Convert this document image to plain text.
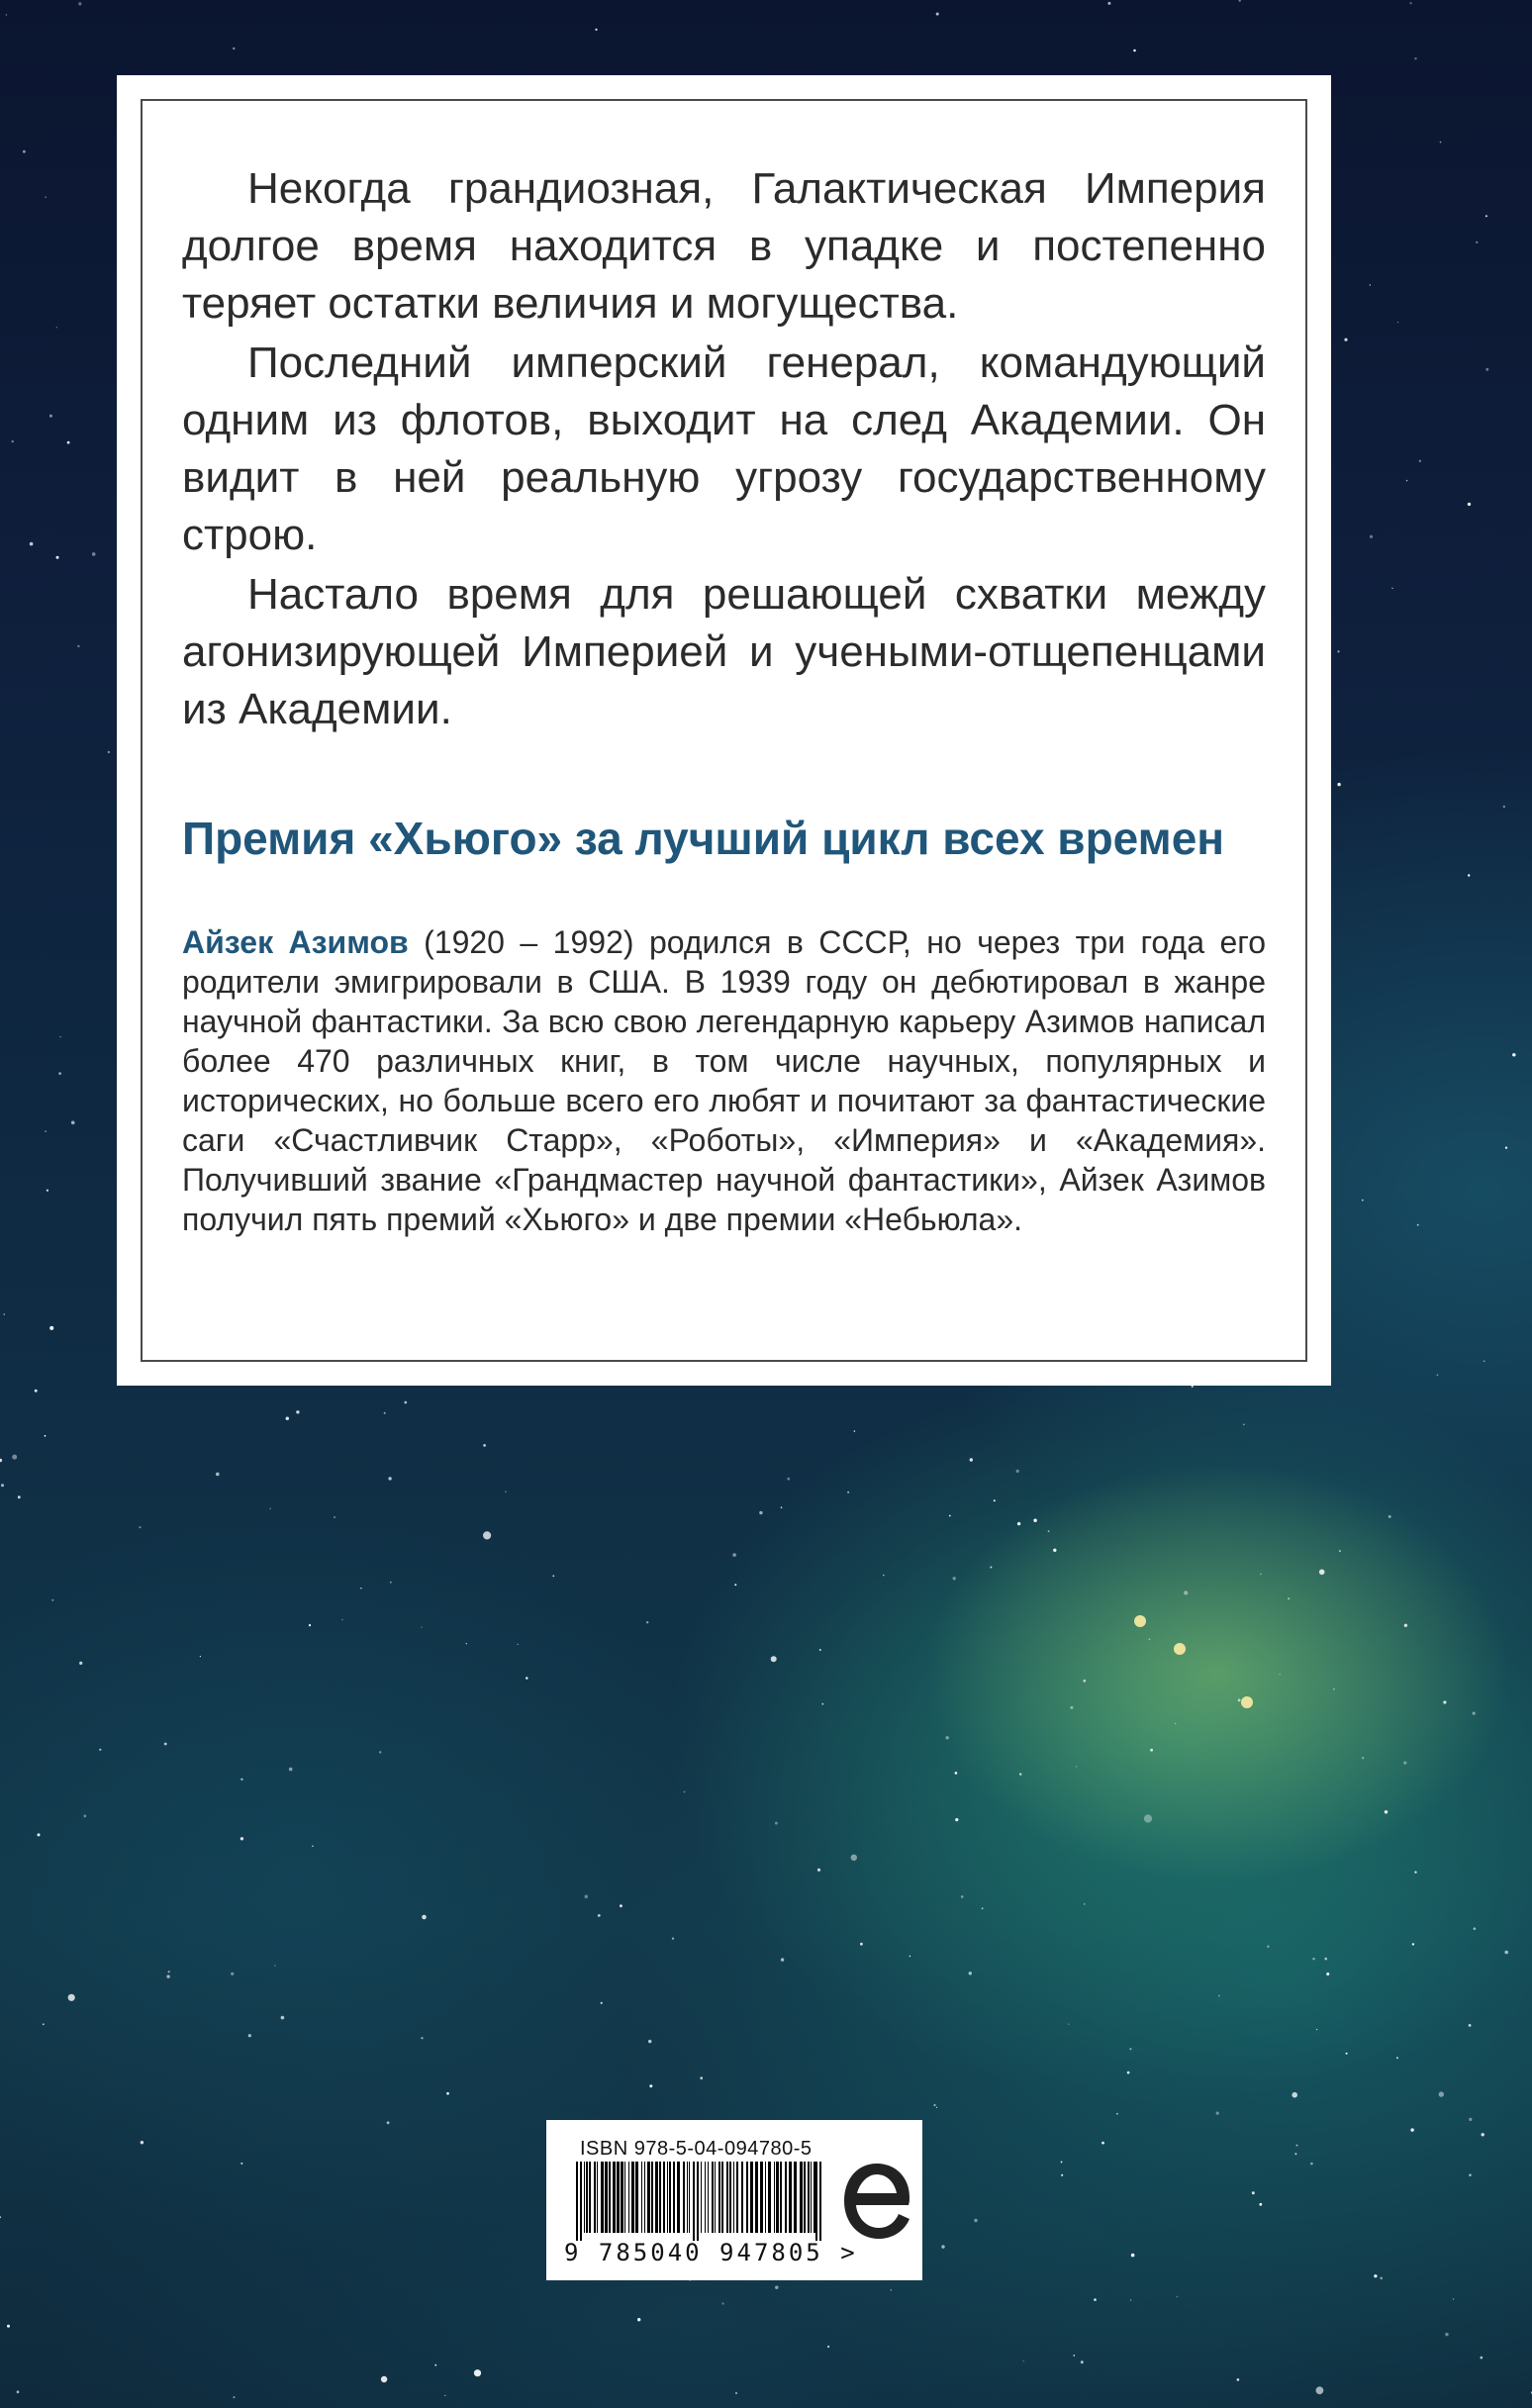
Некогда грандиозная, Галактическая Империя долгое время находится в упадке и постепенно теряет остатки величия и могущества.

Последний имперский генерал, командующий одним из флотов, выходит на след Академии. Он видит в ней реальную угрозу государственному строю.

Настало время для решающей схватки между агонизирующей Империей и учеными-отщепенцами из Академии.

Премия «Хьюго» за лучший цикл всех времен

Айзек Азимов (1920 – 1992) родился в СССР, но через три года его родители эмигрировали в США. В 1939 году он дебютировал в жанре научной фантастики. За всю свою легендарную карьеру Азимов написал более 470 различных книг, в том числе научных, популярных и исторических, но больше всего его любят и почитают за фантастические саги «Счастливчик Старр», «Роботы», «Империя» и «Академия». Получивший звание «Грандмастер научной фантастики», Айзек Азимов получил пять премий «Хьюго» и две премии «Небьюла».

ISBN 978-5-04-094780-5
9 785040 947805 >
